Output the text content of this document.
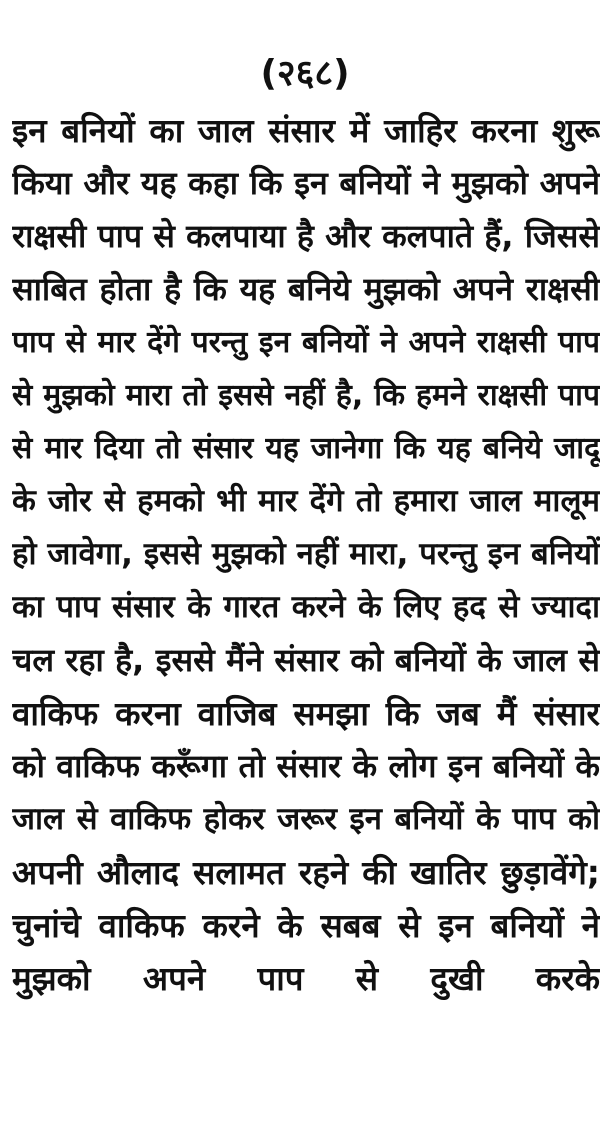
(२६८)
इन बनियों का जाल संसार में जाहिर करना शुरू
किया और यह कहा कि इन बनियों ने मुझको अपने
राक्षसी पाप से कलपाया है और कलपाते हैं, जिससे
साबित होता है कि यह बनिये मुझको अपने राक्षसी
पाप से मार देंगे परन्तु इन बनियों ने अपने राक्षसी पाप
से मुझको मारा तो इससे नहीं है, कि हमने राक्षसी पाप
से मार दिया तो संसार यह जानेगा कि यह बनिये जादू
के जोर से हमको भी मार देंगे तो हमारा जाल मालूम
हो जावेगा, इससे मुझको नहीं मारा, परन्तु इन बनियों
का पाप संसार के गारत करने के लिए हद से ज्यादा
चल रहा है, इससे मैंने संसार को बनियों के जाल से
वाकिफ करना वाजिब समझा कि जब मैं संसार
को वाकिफ करूँगा तो संसार के लोग इन बनियों के
जाल से वाकिफ होकर जरूर इन बनियों के पाप को
अपनी औलाद सलामत रहने की खातिर छुड़ावेंगे;
चुनांचे वाकिफ करने के सबब से इन बनियों ने
मुझको अपने पाप से दुखी करके
